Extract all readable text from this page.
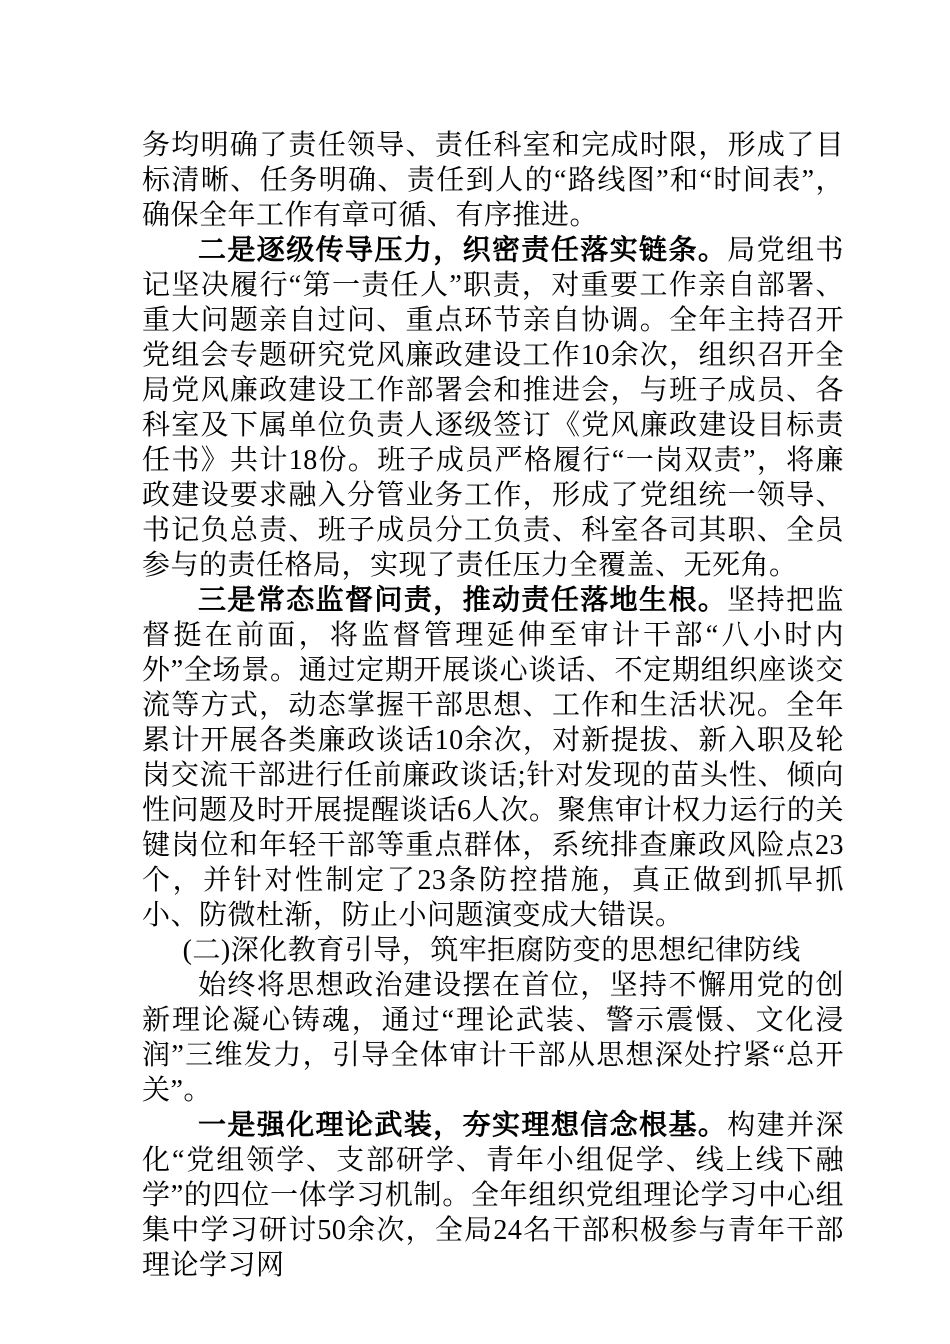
务均明确了责任领导、责任科室和完成时限，形成了目标清晰、任务明确、责任到人的“路线图”和“时间表”，确保全年工作有章可循、有序推进。

二是逐级传导压力，织密责任落实链条。局党组书记坚决履行“第一责任人”职责，对重要工作亲自部署、重大问题亲自过问、重点环节亲自协调。全年主持召开党组会专题研究党风廉政建设工作10余次，组织召开全局党风廉政建设工作部署会和推进会，与班子成员、各科室及下属单位负责人逐级签订《党风廉政建设目标责任书》共计18份。班子成员严格履行“一岗双责”，将廉政建设要求融入分管业务工作，形成了党组统一领导、书记负总责、班子成员分工负责、科室各司其职、全员参与的责任格局，实现了责任压力全覆盖、无死角。

三是常态监督问责，推动责任落地生根。坚持把监督挺在前面，将监督管理延伸至审计干部“八小时内外”全场景。通过定期开展谈心谈话、不定期组织座谈交流等方式，动态掌握干部思想、工作和生活状况。全年累计开展各类廉政谈话10余次，对新提拔、新入职及轮岗交流干部进行任前廉政谈话;针对发现的苗头性、倾向性问题及时开展提醒谈话6人次。聚焦审计权力运行的关键岗位和年轻干部等重点群体，系统排查廉政风险点23个，并针对性制定了23条防控措施，真正做到抓早抓小、防微杜渐，防止小问题演变成大错误。

(二)深化教育引导，筑牢拒腐防变的思想纪律防线

始终将思想政治建设摆在首位，坚持不懈用党的创新理论凝心铸魂，通过“理论武装、警示震慑、文化浸润”三维发力，引导全体审计干部从思想深处拧紧“总开关”。

一是强化理论武装，夯实理想信念根基。构建并深化“党组领学、支部研学、青年小组促学、线上线下融学”的四位一体学习机制。全年组织党组理论学习中心组集中学习研讨50余次，全局24名干部积极参与青年干部理论学习网
